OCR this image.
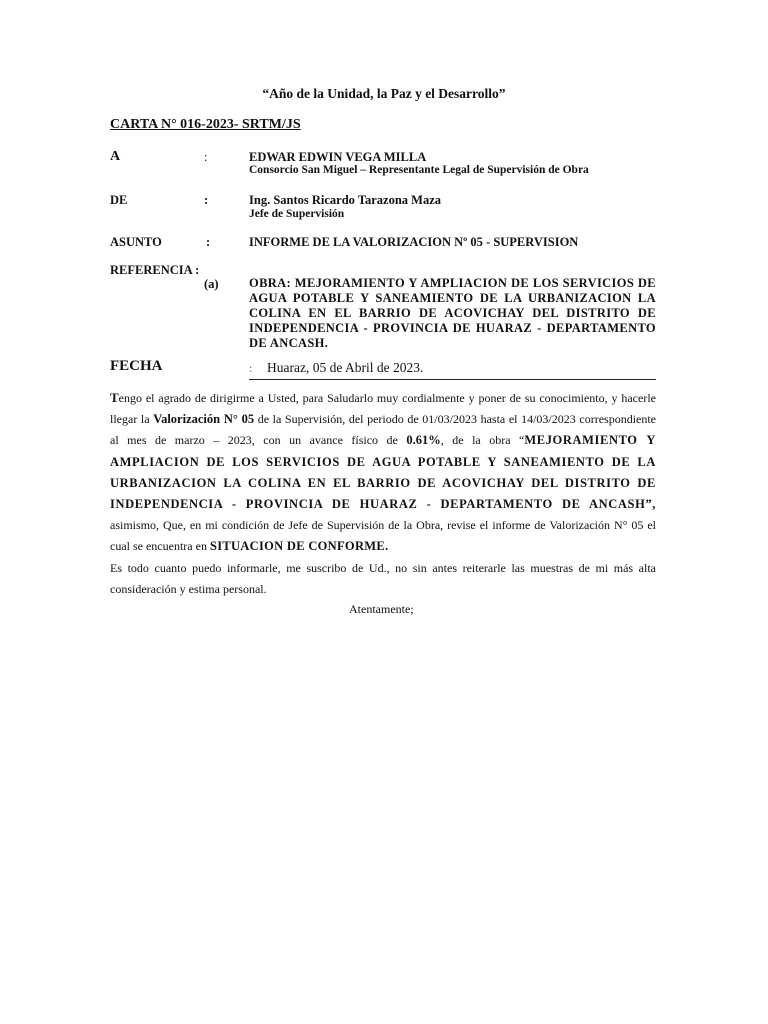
“Año de la Unidad, la Paz y el Desarrollo”
CARTA N° 016-2023- SRTM/JS
A	:	EDWAR EDWIN VEGA MILLA
Consorcio San Miguel – Representante Legal de Supervisión de Obra
DE	:	Ing. Santos Ricardo Tarazona Maza
Jefe de Supervisión
ASUNTO	:	INFORME DE LA VALORIZACION Nº 05 - SUPERVISION
REFERENCIA :
(a) OBRA: MEJORAMIENTO Y AMPLIACION DE LOS SERVICIOS DE AGUA POTABLE Y SANEAMIENTO DE LA URBANIZACION LA COLINA EN EL BARRIO DE ACOVICHAY DEL DISTRITO DE INDEPENDENCIA - PROVINCIA DE HUARAZ - DEPARTAMENTO DE ANCASH.
FECHA	: Huaraz, 05 de Abril de 2023.
Tengo el agrado de dirigirme a Usted, para Saludarlo muy cordialmente y poner de su conocimiento, y hacerle llegar la Valorización N° 05 de la Supervisión, del periodo de 01/03/2023 hasta el 14/03/2023 correspondiente al mes de marzo – 2023, con un avance físico de 0.61%, de la obra “MEJORAMIENTO Y AMPLIACION DE LOS SERVICIOS DE AGUA POTABLE Y SANEAMIENTO DE LA URBANIZACION LA COLINA EN EL BARRIO DE ACOVICHAY DEL DISTRITO DE INDEPENDENCIA - PROVINCIA DE HUARAZ - DEPARTAMENTO DE ANCASH”, asimismo, Que, en mi condición de Jefe de Supervisión de la Obra, revise el informe de Valorización N° 05 el cual se encuentra en SITUACION DE CONFORME.
Es todo cuanto puedo informarle, me suscribo de Ud., no sin antes reiterarle las muestras de mi más alta consideración y estima personal.
Atentamente;
